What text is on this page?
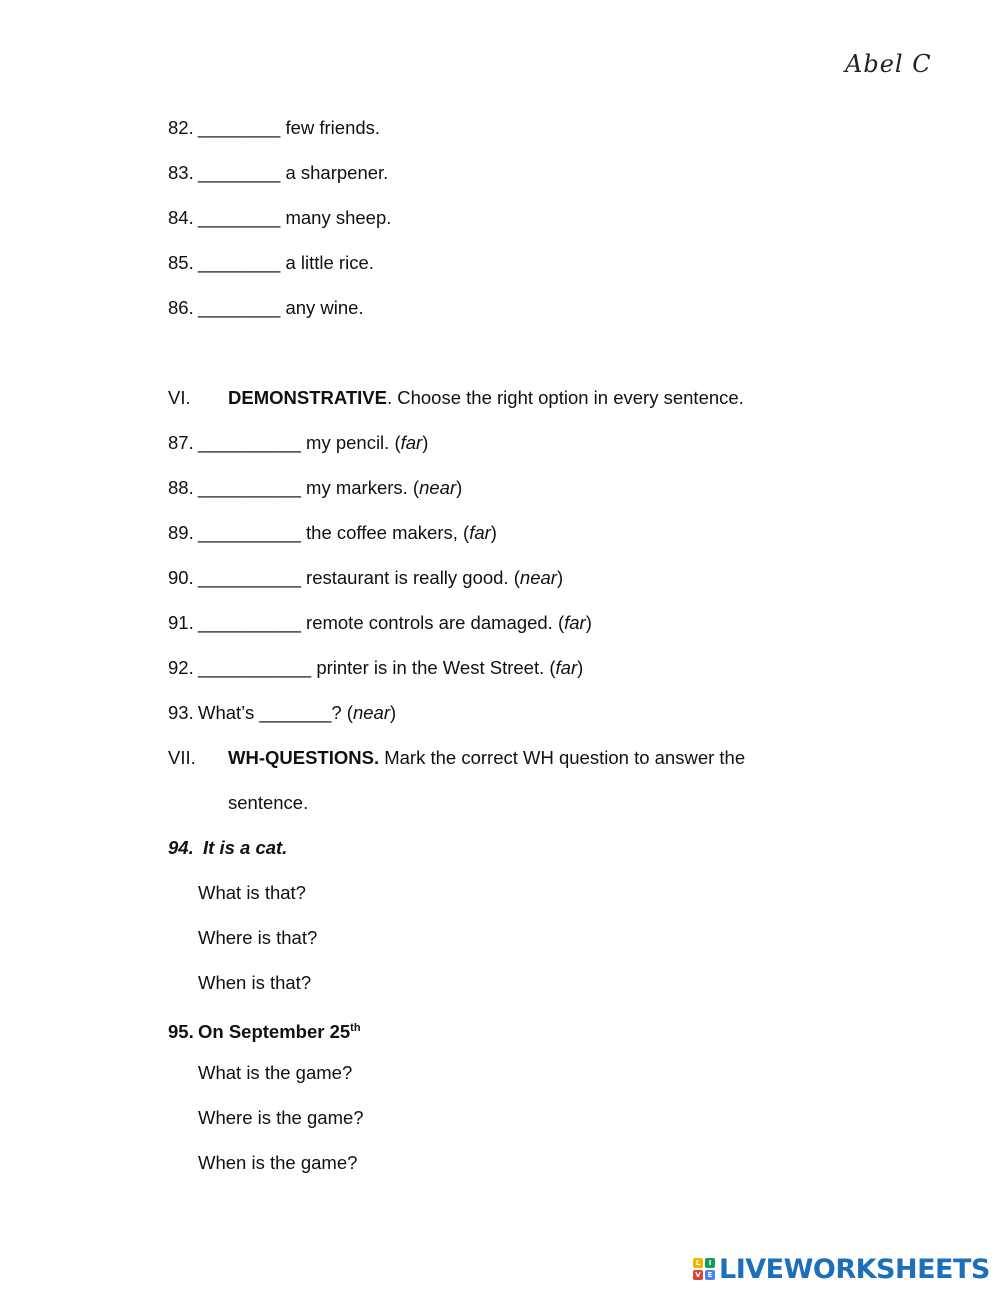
Abel C
82. ________ few friends.
83. ________ a sharpener.
84. ________ many sheep.
85. ________ a little rice.
86. ________ any wine.
VI. DEMONSTRATIVE. Choose the right option in every sentence.
87. __________ my pencil. (far)
88. __________ my markers. (near)
89. __________ the coffee makers, (far)
90. __________ restaurant is really good. (near)
91. __________ remote controls are damaged. (far)
92. ___________ printer is in the West Street. (far)
93. What’s _______? (near)
VII. WH-QUESTIONS. Mark the correct WH question to answer the
sentence.
94. It is a cat.
What is that?
Where is that?
When is that?
95. On September 25th
What is the game?
Where is the game?
When is the game?
L	I
V E LIVEWORKSHEETS
